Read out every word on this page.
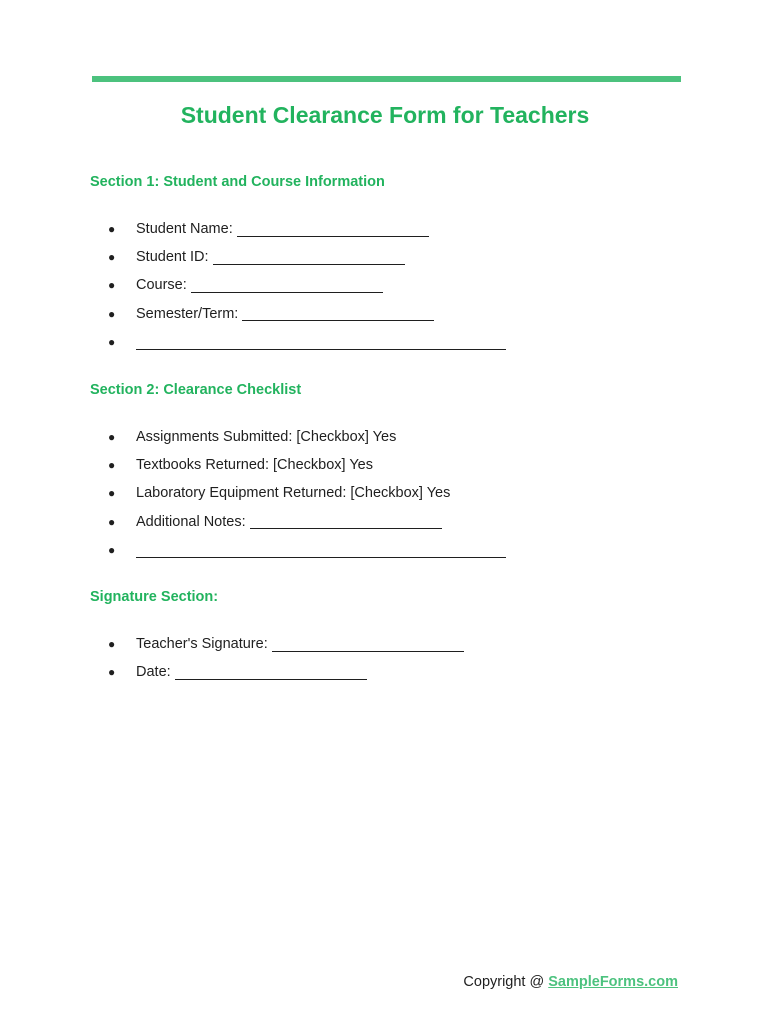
Student Clearance Form for Teachers
Section 1: Student and Course Information
●	Student Name:
●	Student ID:
●	Course:
●	Semester/Term:
●
Section 2: Clearance Checklist
●	Assignments Submitted: [Checkbox] Yes
●	Textbooks Returned: [Checkbox] Yes
●	Laboratory Equipment Returned: [Checkbox] Yes
●	Additional Notes:
●
Signature Section:
●	Teacher's Signature:
●	Date:
Copyright @ SampleForms.com
